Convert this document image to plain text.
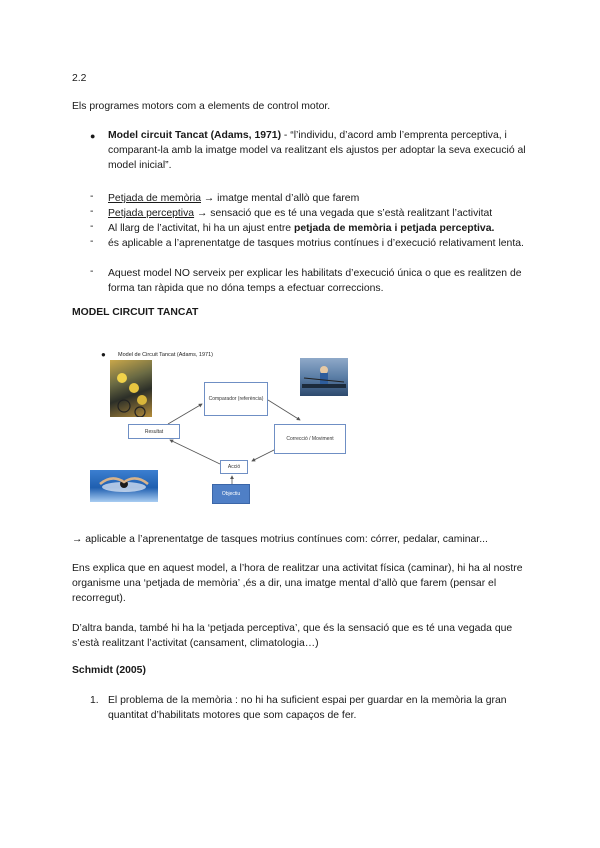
2.2
Els programes motors com a elements de control motor.
● Model circuit Tancat (Adams, 1971) - “l’individu, d’acord amb l’emprenta perceptiva, i comparant-la amb la imatge model va realitzant els ajustos per adoptar la seva execució al model inicial”.
- Petjada de memòria → imatge mental d’allò que farem
- Petjada perceptiva → sensació que es té una vegada que s’està realitzant l’activitat
- Al llarg de l’activitat, hi ha un ajust entre petjada de memòria i petjada perceptiva.
- és aplicable a l’aprenentatge de tasques motrius contínues i d’execució relativament lenta.
- Aquest model NO serveix per explicar les habilitats d’execució única o que es realitzen de forma tan ràpida que no dóna temps a efectuar correccions.
MODEL CIRCUIT TANCAT
● Model de Circuit Tancat (Adams, 1971)
Comparador (referència)
Resultat
Correcció / Moviment
Acció
Objectiu
→ aplicable a l’aprenentatge de tasques motrius contínues com: córrer, pedalar, caminar...
Ens explica que en aquest model, a l’hora de realitzar una activitat física (caminar), hi ha al nostre organisme una ‘petjada de memòria’ ,és a dir, una imatge mental d’allò que farem (pensar el recorregut).
D’altra banda, també hi ha la ‘petjada perceptiva’, que és la sensació que es té una vegada que s’està realitzant l’activitat (cansament, climatologia…)
Schmidt (2005)
1. El problema de la memòria : no hi ha suficient espai per guardar en la memòria la gran quantitat d’habilitats motores que som capaços de fer.
